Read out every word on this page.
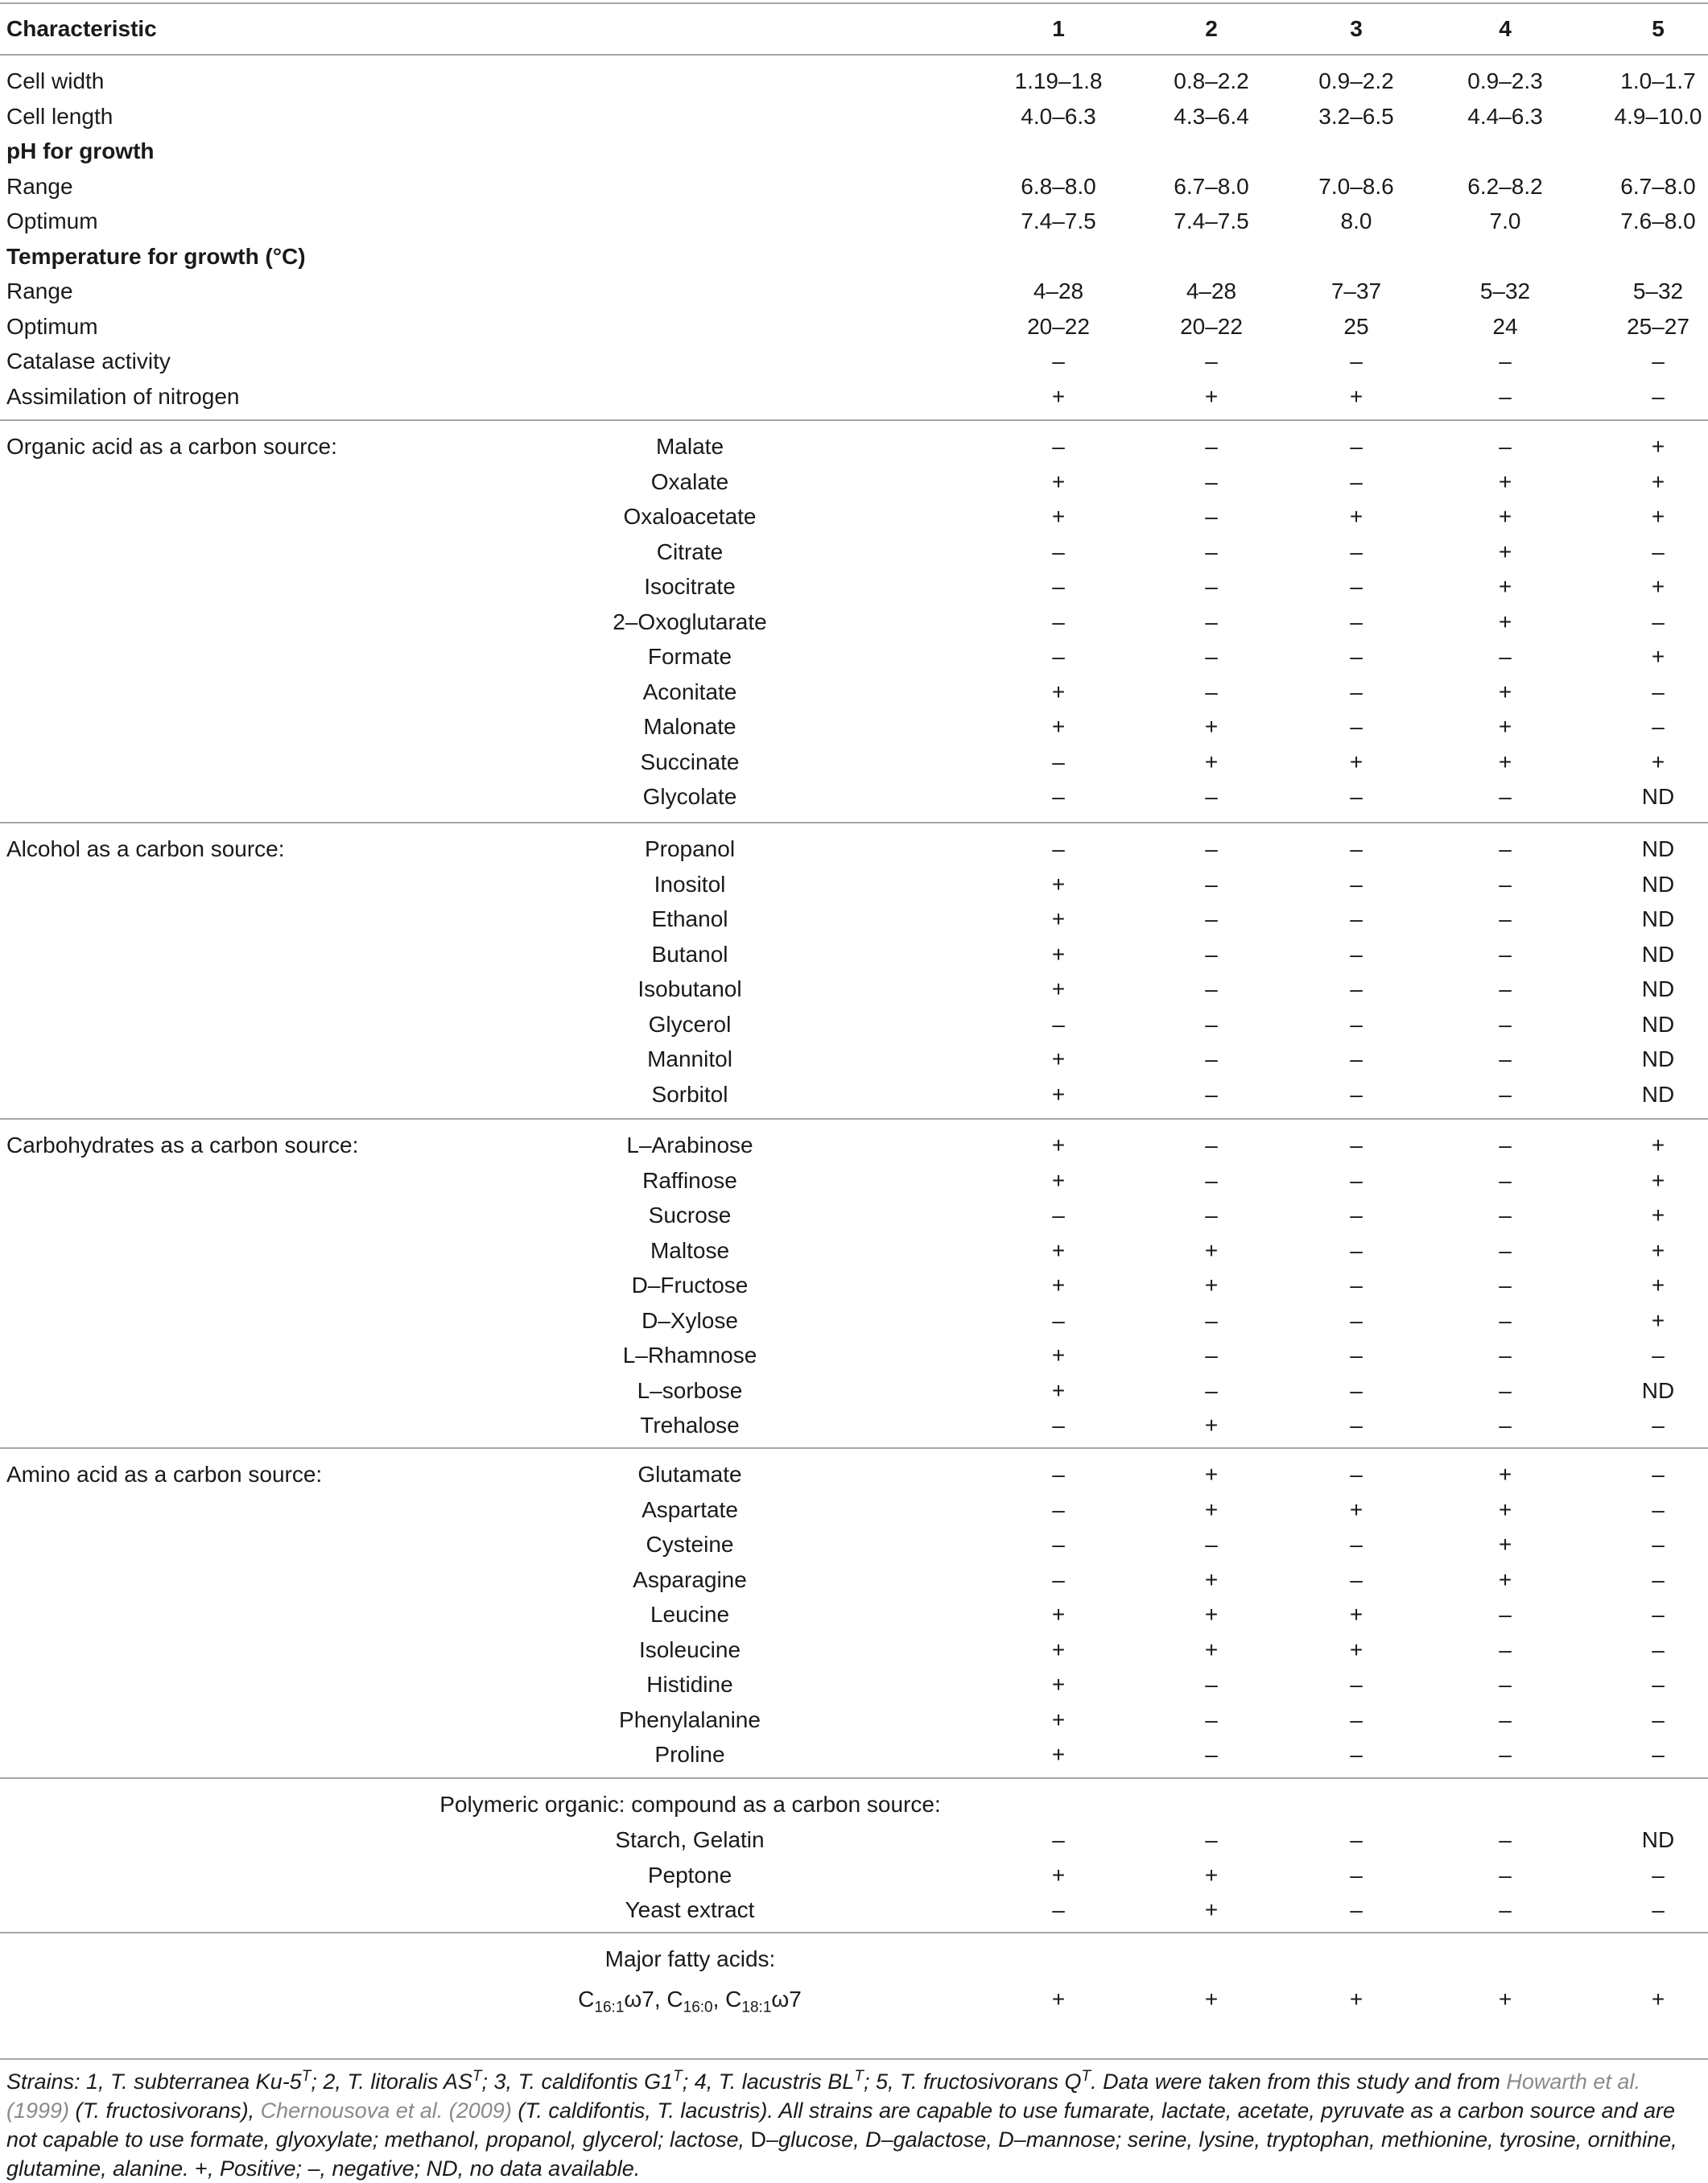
Characteristic	1	2	3	4	5
Cell width	1.19–1.8	0.8–2.2	0.9–2.2	0.9–2.3	1.0–1.7
Cell length	4.0–6.3	4.3–6.4	3.2–6.5	4.4–6.3	4.9–10.0
pH for growth
Range	6.8–8.0	6.7–8.0	7.0–8.6	6.2–8.2	6.7–8.0
Optimum	7.4–7.5	7.4–7.5	8.0	7.0	7.6–8.0
Temperature for growth (°C)
Range	4–28	4–28	7–37	5–32	5–32
Optimum	20–22	20–22	25	24	25–27
Catalase activity	–	–	–	–	–
Assimilation of nitrogen	+	+	+	–	–
Organic acid as a carbon source:	Malate	–	–	–	–	+
Oxalate	+	–	–	+	+
Oxaloacetate	+	–	+	+	+
Citrate	–	–	–	+	–
Isocitrate	–	–	–	+	+
2–Oxoglutarate	–	–	–	+	–
Formate	–	–	–	–	+
Aconitate	+	–	–	+	–
Malonate	+	+	–	+	–
Succinate	–	+	+	+	+
Glycolate	–	–	–	–	ND
Alcohol as a carbon source:	Propanol	–	–	–	–	ND
Inositol	+	–	–	–	ND
Ethanol	+	–	–	–	ND
Butanol	+	–	–	–	ND
Isobutanol	+	–	–	–	ND
Glycerol	–	–	–	–	ND
Mannitol	+	–	–	–	ND
Sorbitol	+	–	–	–	ND
Carbohydrates as a carbon source:	L–Arabinose	+	–	–	–	+
Raffinose	+	–	–	–	+
Sucrose	–	–	–	–	+
Maltose	+	+	–	–	+
D–Fructose	+	+	–	–	+
D–Xylose	–	–	–	–	+
L–Rhamnose	+	–	–	–	–
L–sorbose	+	–	–	–	ND
Trehalose	–	+	–	–	–
Amino acid as a carbon source:	Glutamate	–	+	–	+	–
Aspartate	–	+	+	+	–
Cysteine	–	–	–	+	–
Asparagine	–	+	–	+	–
Leucine	+	+	+	–	–
Isoleucine	+	+	+	–	–
Histidine	+	–	–	–	–
Phenylalanine	+	–	–	–	–
Proline	+	–	–	–	–
Polymeric organic: compound as a carbon source:
Starch, Gelatin	–	–	–	–	ND
Peptone	+	+	–	–	–
Yeast extract	–	+	–	–	–
Major fatty acids:
$C_{16:1}\omega 7$, $C_{16:0}$, $C_{18:1}\omega 7$	+	+	+	+	+
Strains: 1, T. subterranea $Ku-5^T$; 2, T. litoralis $AS^T$; 3, T. caldifontis $G1^T$; 4, T. lacustris $BL^T$; 5, T. fructosivorans $Q^T$. Data were taken from this study and from Howarth et al. (1999) (T. fructosivorans), Chernousova et al. (2009) (T. caldifontis, T. lacustris). All strains are capable to use fumarate, lactate, acetate, pyruvate as a carbon source and are not capable to use formate, glyoxylate; methanol, propanol, glycerol; lactose, D–glucose, D–galactose, D–mannose; serine, lysine, tryptophan, methionine, tyrosine, ornithine, glutamine, alanine. +, Positive; –, negative; ND, no data available.
